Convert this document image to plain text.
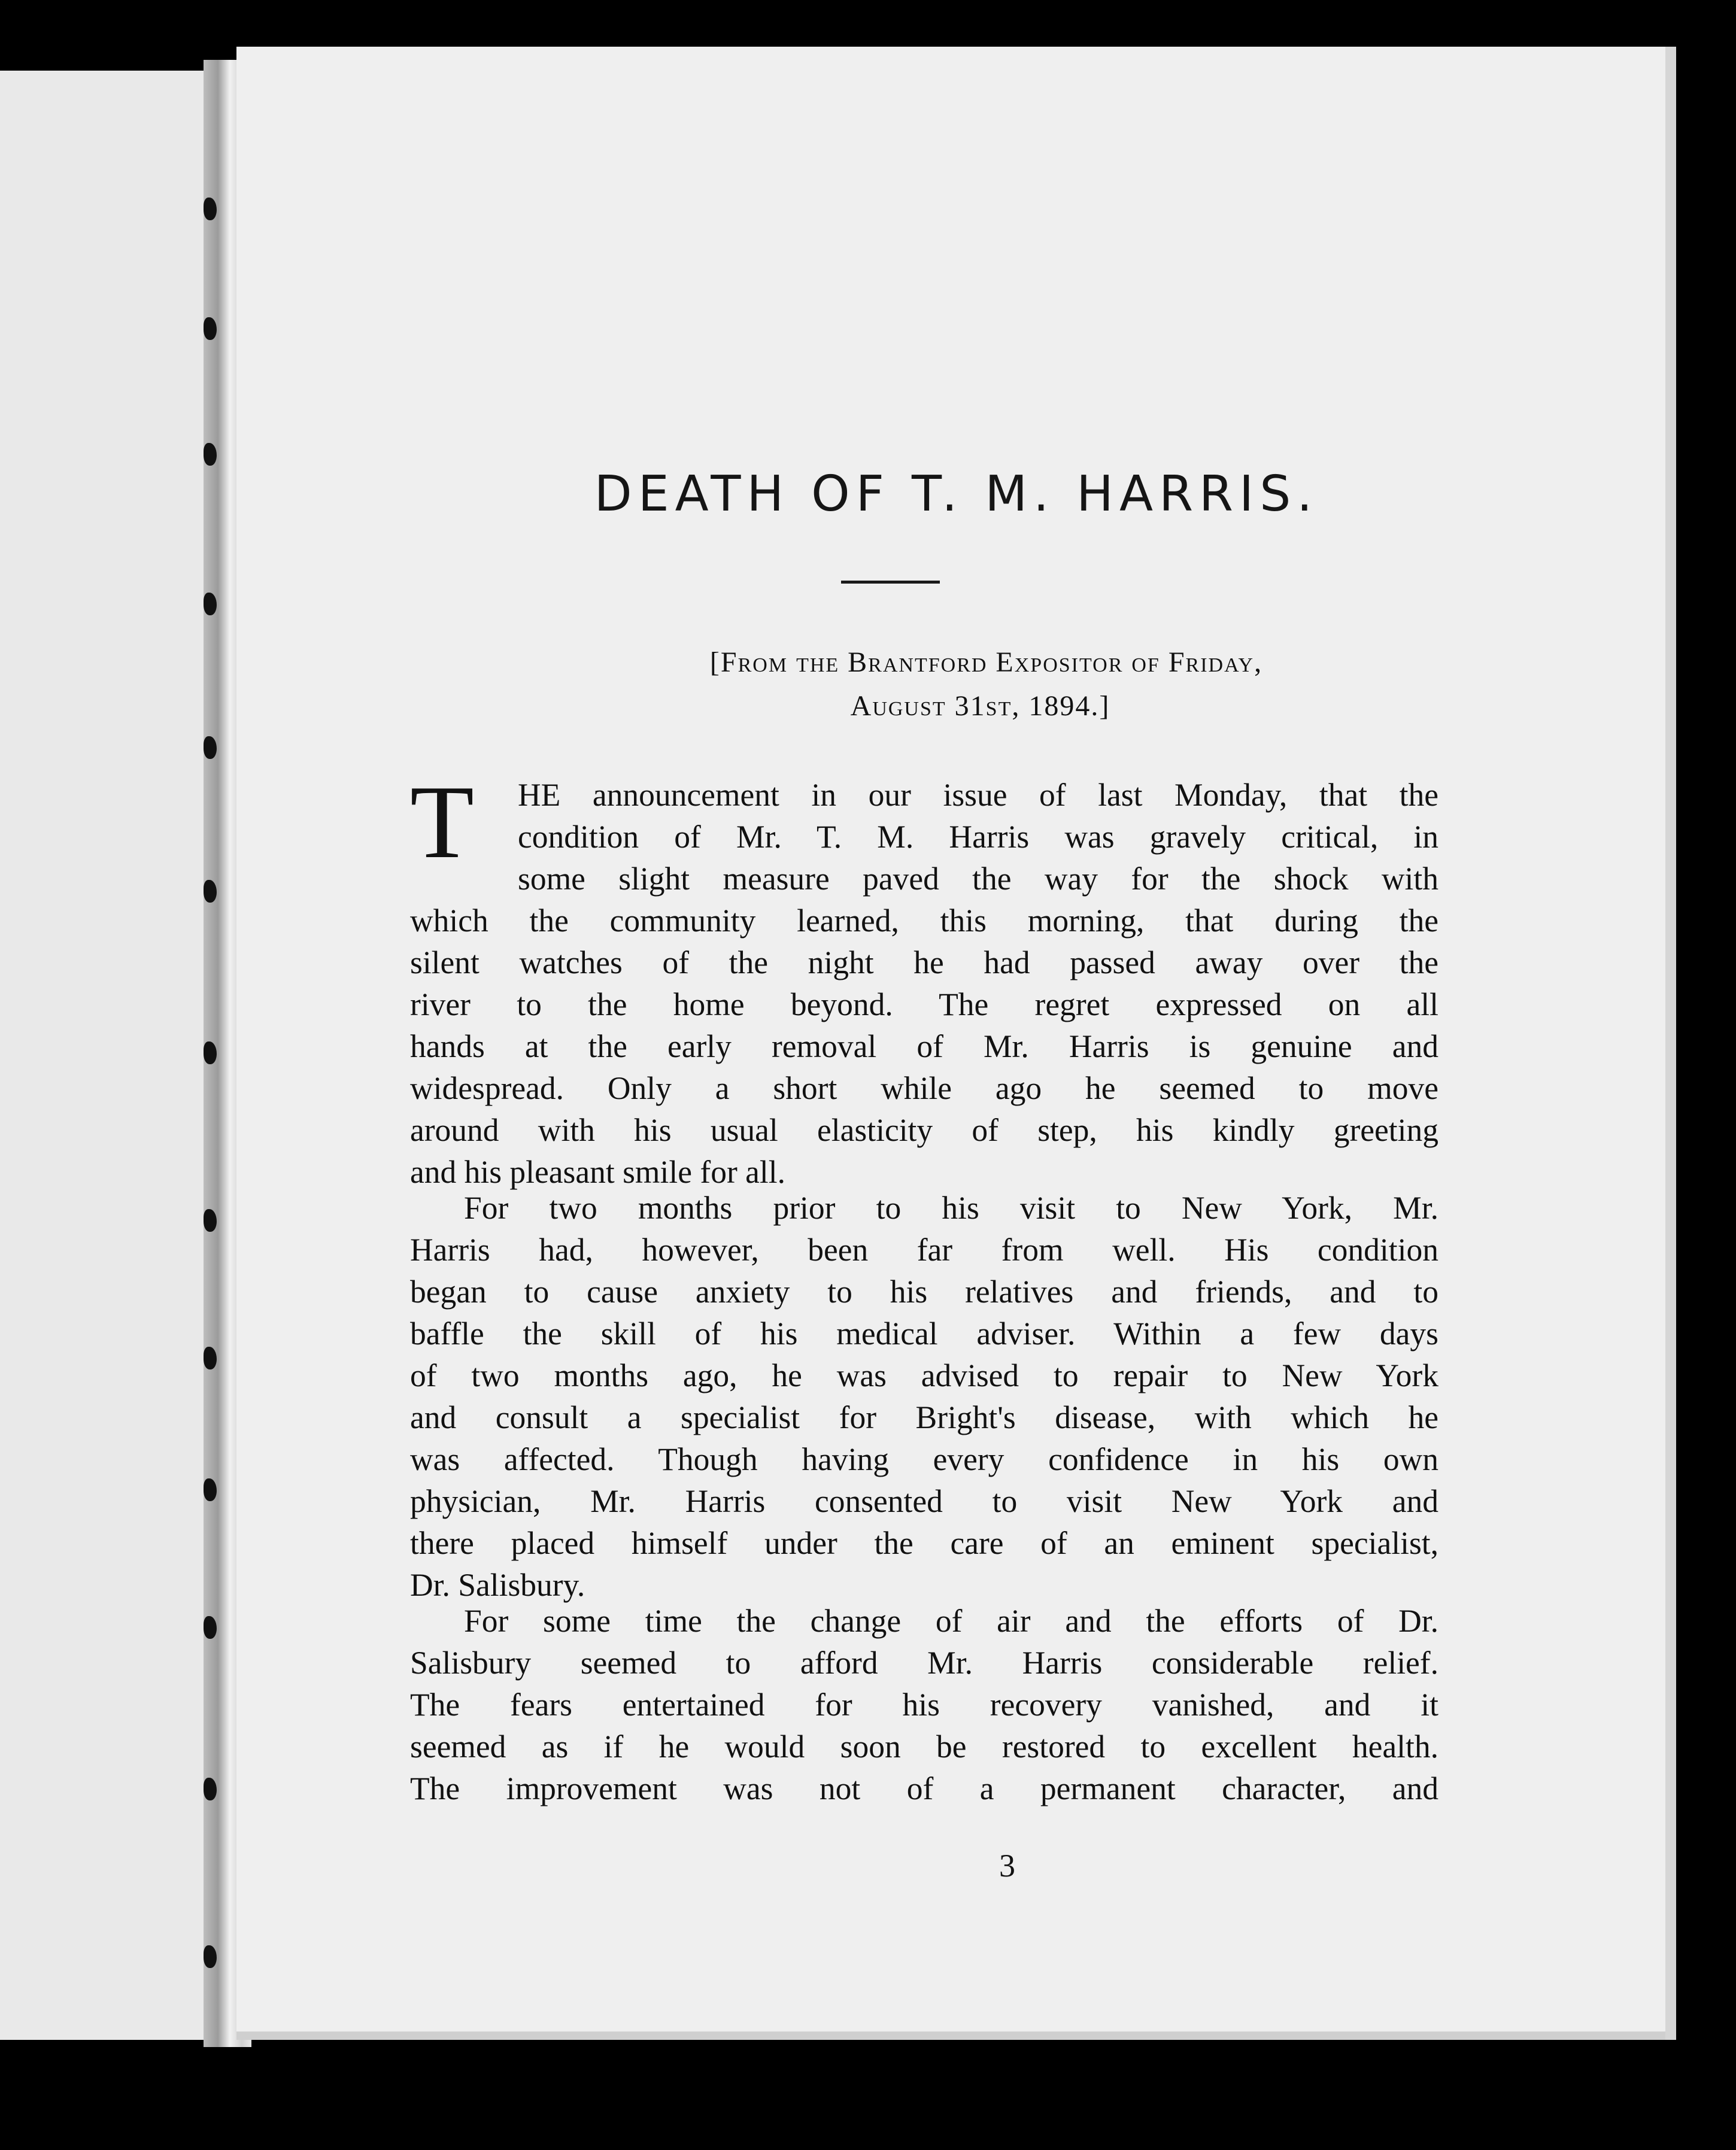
DEATH OF T. M. HARRIS.
[From the Brantford Expositor of Friday,
August 31st, 1894.]
T	HE announcement in our issue of last Monday, that the
condition of Mr. T. M. Harris was gravely critical, in
some slight measure paved the way for the shock with
which the community learned, this morning, that during the
silent watches of the night he had passed away over the
river to the home beyond. The regret expressed on all
hands at the early removal of Mr. Harris is genuine and
widespread. Only a short while ago he seemed to move
around with his usual elasticity of step, his kindly greeting
and his pleasant smile for all.
For two months prior to his visit to New York, Mr.
Harris had, however, been far from well. His condition
began to cause anxiety to his relatives and friends, and to
baffle the skill of his medical adviser. Within a few days
of two months ago, he was advised to repair to New York
and consult a specialist for Bright's disease, with which he
was affected. Though having every confidence in his own
physician, Mr. Harris consented to visit New York and
there placed himself under the care of an eminent specialist,
Dr. Salisbury.
For some time the change of air and the efforts of Dr.
Salisbury seemed to afford Mr. Harris considerable relief.
The fears entertained for his recovery vanished, and it
seemed as if he would soon be restored to excellent health.
The improvement was not of a permanent character, and
3
